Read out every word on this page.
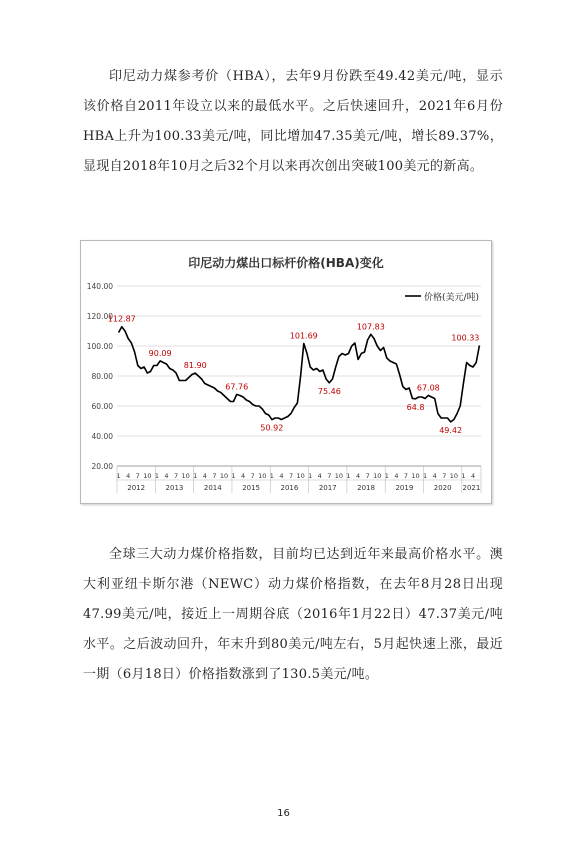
印尼动力煤参考价（HBA），去年9月份跌至49.42美元/吨，显示该价格自2011年设立以来的最低水平。之后快速回升，2021年6月份HBA上升为100.33美元/吨，同比增加47.35美元/吨，增长89.37%，显现自2018年10月之后32个月以来再次创出突破100美元的新高。

印尼动力煤出口标杆价格(HBA)变化
20.00
40.00
60.00
80.00
100.00
120.00
140.00
1 4 7 10
2012
1 4 7 10
2013
1 4 7 10
2014
1 4 7 10
2015
1 4 7 10
2016
1 4 7 10
2017
1 4 7 10
2018
1 4 7 10
2019
1 4 7 10
2020
1 4
2021
112.87
90.09
81.90
67.76
50.92
101.69
75.46
107.83
64.8
67.08
49.42
100.33
价格(美元/吨)

全球三大动力煤价格指数，目前均已达到近年来最高价格水平。澳大利亚纽卡斯尔港（NEWC）动力煤价格指数，在去年8月28日出现47.99美元/吨，接近上一周期谷底（2016年1月22日）47.37美元/吨水平。之后波动回升，年末升到80美元/吨左右，5月起快速上涨，最近一期（6月18日）价格指数涨到了130.5美元/吨。

16
